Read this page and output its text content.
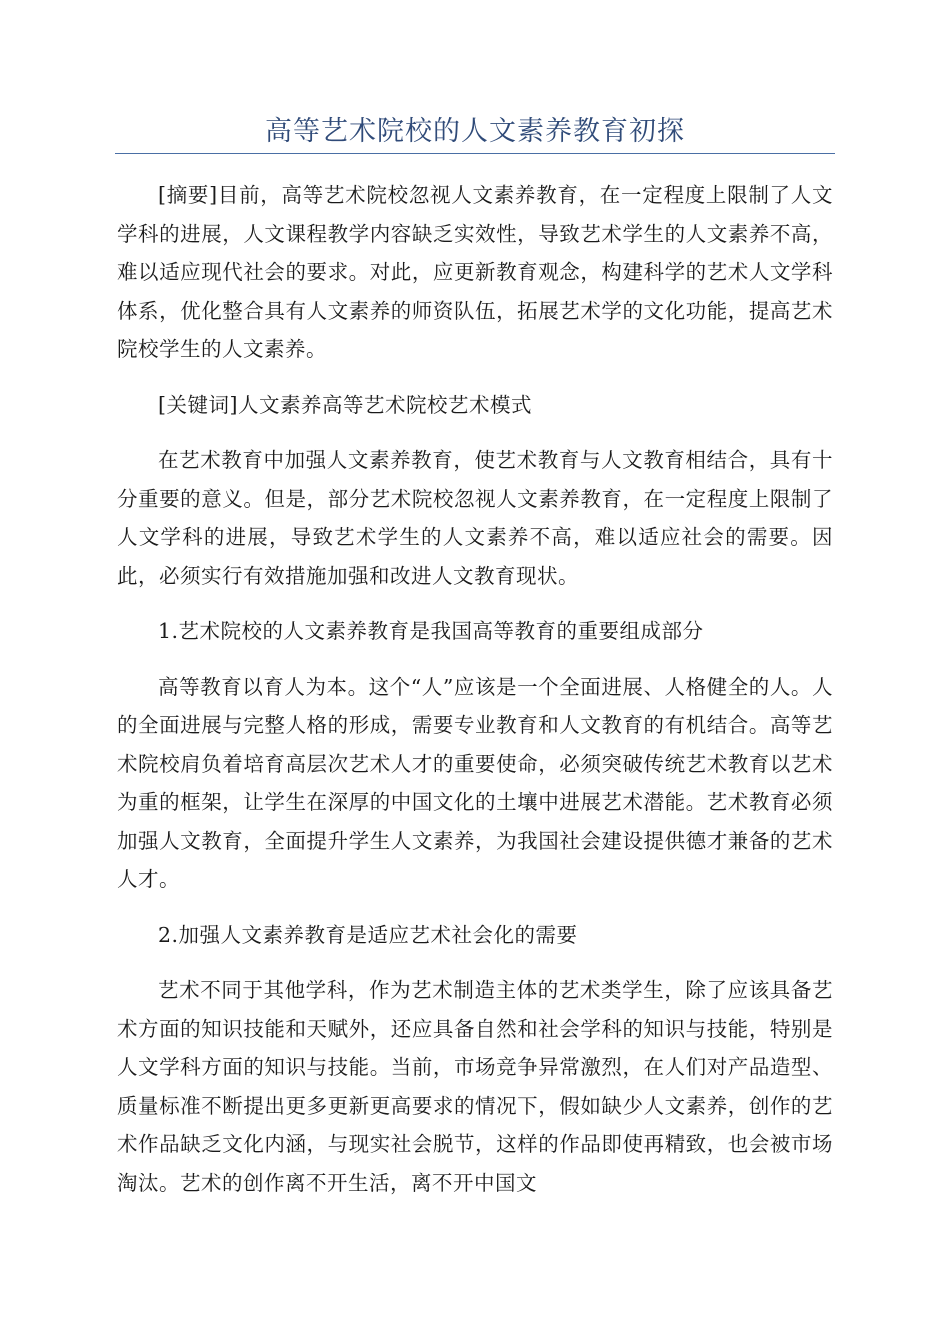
高等艺术院校的人文素养教育初探

[摘要]目前，高等艺术院校忽视人文素养教育，在一定程度上限制了人文学科的进展，人文课程教学内容缺乏实效性，导致艺术学生的人文素养不高，难以适应现代社会的要求。对此，应更新教育观念，构建科学的艺术人文学科体系，优化整合具有人文素养的师资队伍，拓展艺术学的文化功能，提高艺术院校学生的人文素养。

[关键词]人文素养高等艺术院校艺术模式

在艺术教育中加强人文素养教育，使艺术教育与人文教育相结合，具有十分重要的意义。但是，部分艺术院校忽视人文素养教育，在一定程度上限制了人文学科的进展，导致艺术学生的人文素养不高，难以适应社会的需要。因此，必须实行有效措施加强和改进人文教育现状。

1.艺术院校的人文素养教育是我国高等教育的重要组成部分

高等教育以育人为本。这个“人”应该是一个全面进展、人格健全的人。人的全面进展与完整人格的形成，需要专业教育和人文教育的有机结合。高等艺术院校肩负着培育高层次艺术人才的重要使命，必须突破传统艺术教育以艺术为重的框架，让学生在深厚的中国文化的土壤中进展艺术潜能。艺术教育必须加强人文教育，全面提升学生人文素养，为我国社会建设提供德才兼备的艺术人才。

2.加强人文素养教育是适应艺术社会化的需要

艺术不同于其他学科，作为艺术制造主体的艺术类学生，除了应该具备艺术方面的知识技能和天赋外，还应具备自然和社会学科的知识与技能，特别是人文学科方面的知识与技能。当前，市场竞争异常激烈，在人们对产品造型、质量标准不断提出更多更新更高要求的情况下，假如缺少人文素养，创作的艺术作品缺乏文化内涵，与现实社会脱节，这样的作品即使再精致，也会被市场淘汰。艺术的创作离不开生活，离不开中国文
